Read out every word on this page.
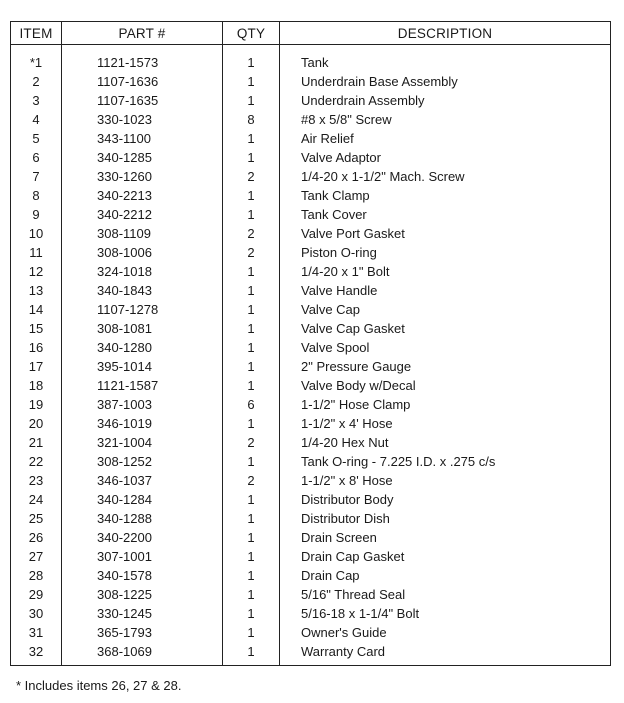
ITEM	PART #	QTY	DESCRIPTION
*1	1121-1573	1	Tank
2	1107-1636	1	Underdrain Base Assembly
3	1107-1635	1	Underdrain Assembly
4	330-1023	8	#8 x 5/8" Screw
5	343-1100	1	Air Relief
6	340-1285	1	Valve Adaptor
7	330-1260	2	1/4-20 x 1-1/2" Mach. Screw
8	340-2213	1	Tank Clamp
9	340-2212	1	Tank Cover
10	308-1109	2	Valve Port Gasket
11	308-1006	2	Piston O-ring
12	324-1018	1	1/4-20 x 1" Bolt
13	340-1843	1	Valve Handle
14	1107-1278	1	Valve Cap
15	308-1081	1	Valve Cap Gasket
16	340-1280	1	Valve Spool
17	395-1014	1	2" Pressure Gauge
18	1121-1587	1	Valve Body w/Decal
19	387-1003	6	1-1/2" Hose Clamp
20	346-1019	1	1-1/2" x 4' Hose
21	321-1004	2	1/4-20 Hex Nut
22	308-1252	1	Tank O-ring - 7.225 I.D. x .275 c/s
23	346-1037	2	1-1/2" x 8' Hose
24	340-1284	1	Distributor Body
25	340-1288	1	Distributor Dish
26	340-2200	1	Drain Screen
27	307-1001	1	Drain Cap Gasket
28	340-1578	1	Drain Cap
29	308-1225	1	5/16" Thread Seal
30	330-1245	1	5/16-18 x 1-1/4" Bolt
31	365-1793	1	Owner's Guide
32	368-1069	1	Warranty Card

* Includes items 26, 27 & 28.
